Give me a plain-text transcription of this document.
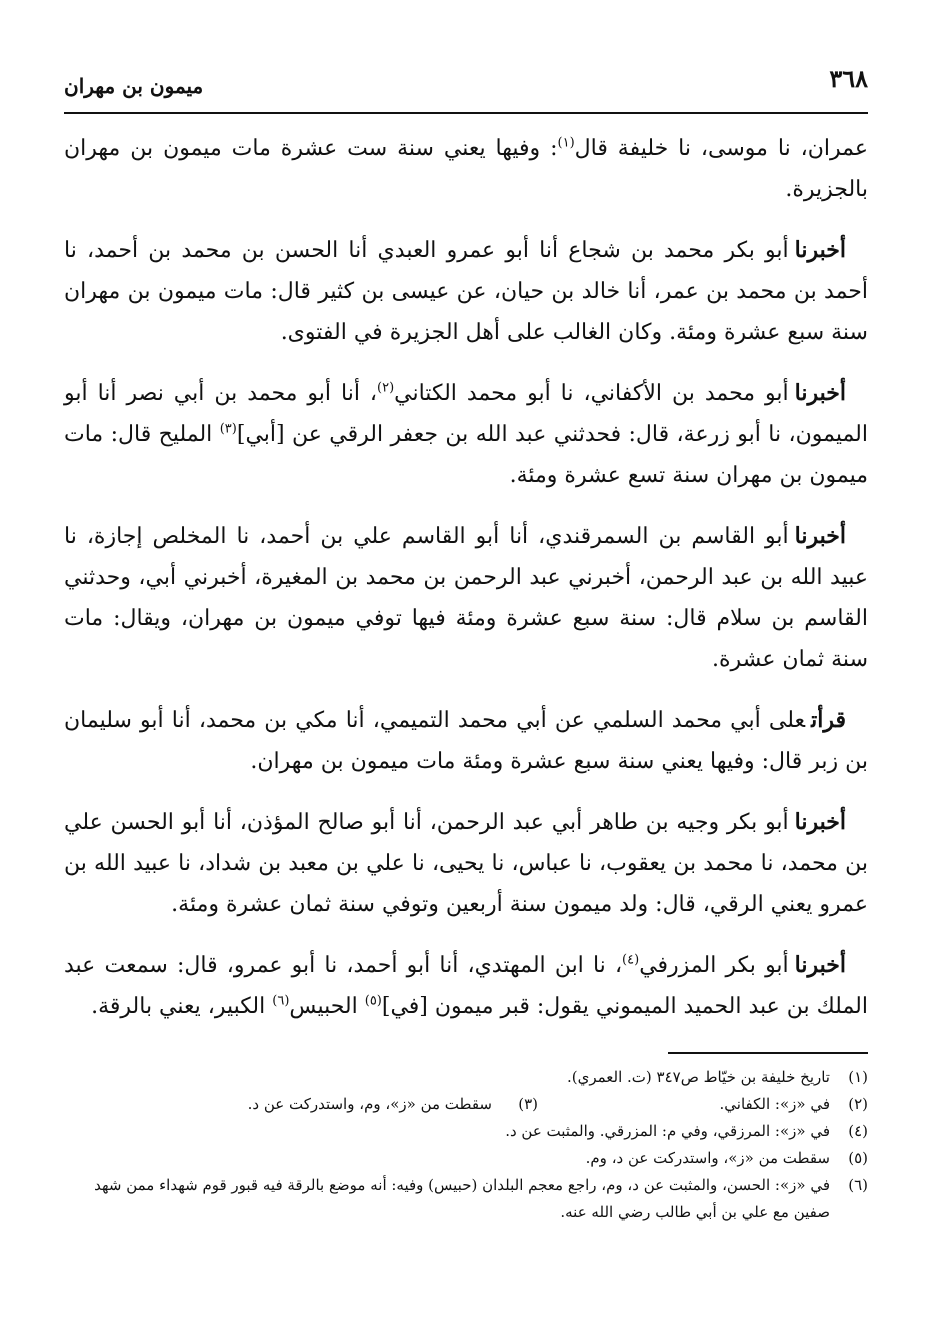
٣٦٨
ميمون بن مهران

عمران، نا موسى، نا خليفة قال$^{(١)}$: وفيها يعني سنة ست عشرة مات ميمون بن مهران بالجزيرة.

أخبرناأبو بكر محمد بن شجاع أنا أبو عمرو العبدي أنا الحسن بن محمد بن أحمد، نا أحمد بن محمد بن عمر، أنا خالد بن حيان، عن عيسى بن كثير قال: مات ميمون بن مهران سنة سبع عشرة ومئة. وكان الغالب على أهل الجزيرة في الفتوى.

أخبرناأبو محمد بن الأكفاني، نا أبو محمد الكتاني$^{(٢)}$، أنا أبو محمد بن أبي نصر أنا أبو الميمون، نا أبو زرعة، قال: فحدثني عبد الله بن جعفر الرقي عن [أبي]$^{(٣)}$ المليح قال: مات ميمون بن مهران سنة تسع عشرة ومئة.

أخبرناأبو القاسم بن السمرقندي، أنا أبو القاسم علي بن أحمد، نا المخلص إجازة، نا عبيد الله بن عبد الرحمن، أخبرني عبد الرحمن بن محمد بن المغيرة، أخبرني أبي، وحدثني القاسم بن سلام قال: سنة سبع عشرة ومئة فيها توفي ميمون بن مهران، ويقال: مات سنة ثمان عشرة.

قرأتعلى أبي محمد السلمي عن أبي محمد التميمي، أنا مكي بن محمد، أنا أبو سليمان بن زبر قال: وفيها يعني سنة سبع عشرة ومئة مات ميمون بن مهران.

أخبرناأبو بكر وجيه بن طاهر أبي عبد الرحمن، أنا أبو صالح المؤذن، أنا أبو الحسن علي بن محمد، نا محمد بن يعقوب، نا عباس، نا يحيى، نا علي بن معبد بن شداد، نا عبيد الله بن عمرو يعني الرقي، قال: ولد ميمون سنة أربعين وتوفي سنة ثمان عشرة ومئة.

أخبرناأبو بكر المزرفي$^{(٤)}$، نا ابن المهتدي، أنا أبو أحمد، نا أبو عمرو، قال: سمعت عبد الملك بن عبد الحميد الميموني يقول: قبر ميمون [في]$^{(٥)}$ الحبيس$^{(٦)}$ الكبير، يعني بالرقة.

(١)
تاريخ خليفة بن خيّاط ص٣٤٧ (ت. العمري).
(٢)
في «ز»: الكفاني.
(٣)
سقطت من «ز»، وم، واستدركت عن د.
(٤)
في «ز»: المرزقي، وفي م: المزرقي. والمثبت عن د.
(٥)
سقطت من «ز»، واستدركت عن د، وم.
(٦)
في «ز»: الحسن، والمثبت عن د، وم، راجع معجم البلدان (حبيس) وفيه: أنه موضع بالرقة فيه قبور قوم شهداء ممن شهد صفين مع علي بن أبي طالب رضي الله عنه.
